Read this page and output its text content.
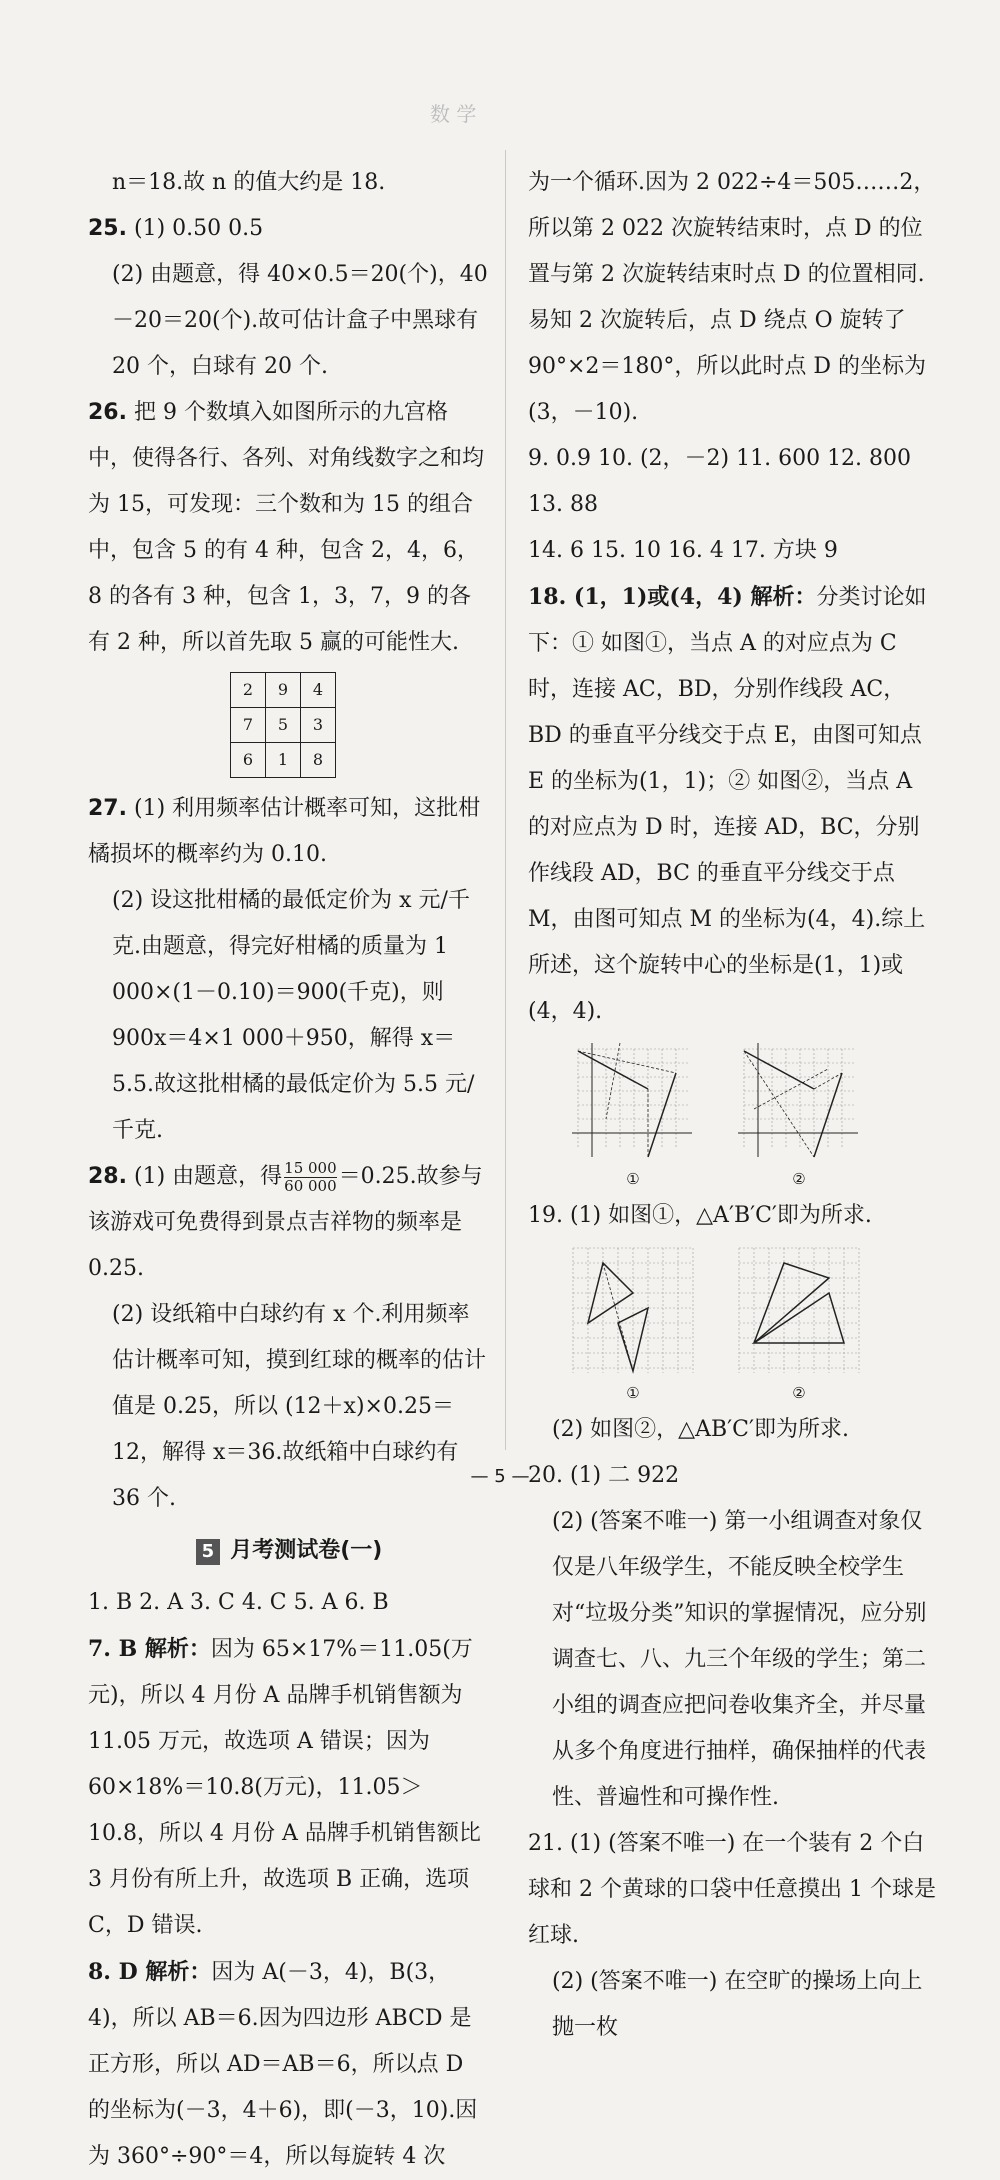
数 学

n＝18.故 n 的值大约是 18.

25. (1) 0.50 0.5

(2) 由题意，得 40×0.5＝20(个)，40－20＝20(个).故可估计盒子中黑球有 20 个，白球有 20 个.

26. 把 9 个数填入如图所示的九宫格中，使得各行、各列、对角线数字之和均为 15，可发现：三个数和为 15 的组合中，包含 5 的有 4 种，包含 2，4，6，8 的各有 3 种，包含 1，3，7，9 的各有 2 种，所以首先取 5 赢的可能性大.

2	9	4
7	5	3
6	1	8

27. (1) 利用频率估计概率可知，这批柑橘损坏的概率约为 0.10.

(2) 设这批柑橘的最低定价为 x 元/千克.由题意，得完好柑橘的质量为 1 000×(1－0.10)＝900(千克)，则 900x＝4×1 000＋950，解得 x＝5.5.故这批柑橘的最低定价为 5.5 元/千克.

28. (1) 由题意，得 $\frac{15 000}{60 000} =0.25$.故参与该游戏可免费得到景点吉祥物的频率是 0.25.

(2) 设纸箱中白球约有 x 个.利用频率估计概率可知，摸到红球的概率的估计值是 0.25，所以 (12＋x)×0.25＝12，解得 x＝36.故纸箱中白球约有 36 个.

5 月考测试卷(一)

1. B 2. A 3. C 4. C 5. A 6. B

7. B 解析：因为 65×17%＝11.05(万元)，所以 4 月份 A 品牌手机销售额为 11.05 万元，故选项 A 错误；因为 60×18%＝10.8(万元)，11.05＞10.8，所以 4 月份 A 品牌手机销售额比 3 月份有所上升，故选项 B 正确，选项 C，D 错误.

8. D 解析：因为 A(－3，4)，B(3，4)，所以 AB＝6.因为四边形 ABCD 是正方形，所以 AD＝AB＝6，所以点 D 的坐标为(－3，4＋6)，即(－3，10).因为 360°÷90°＝4，所以每旋转 4 次

为一个循环.因为 2 022÷4＝505……2，所以第 2 022 次旋转结束时，点 D 的位置与第 2 次旋转结束时点 D 的位置相同.易知 2 次旋转后，点 D 绕点 O 旋转了 90°×2＝180°，所以此时点 D 的坐标为(3，－10).

9. 0.9 10. (2，－2) 11. 600 12. 800 13. 88

14. 6 15. 10 16. 4 17. 方块 9

18. (1，1)或(4，4) 解析：分类讨论如下：① 如图①，当点 A 的对应点为 C 时，连接 AC，BD，分别作线段 AC，BD 的垂直平分线交于点 E，由图可知点 E 的坐标为(1，1)；② 如图②，当点 A 的对应点为 D 时，连接 AD，BC，分别作线段 AD，BC 的垂直平分线交于点 M，由图可知点 M 的坐标为(4，4).综上所述，这个旋转中心的坐标是(1，1)或(4，4).

①	②

19. (1) 如图①，△A′B′C′即为所求.

①	②

(2) 如图②，△AB′C′即为所求.

20. (1) 二 922

(2) (答案不唯一) 第一小组调查对象仅仅是八年级学生，不能反映全校学生对“垃圾分类”知识的掌握情况，应分别调查七、八、九三个年级的学生；第二小组的调查应把问卷收集齐全，并尽量从多个角度进行抽样，确保抽样的代表性、普遍性和可操作性.

21. (1) (答案不唯一) 在一个装有 2 个白球和 2 个黄球的口袋中任意摸出 1 个球是红球.

(2) (答案不唯一) 在空旷的操场上向上抛一枚

— 5 —
